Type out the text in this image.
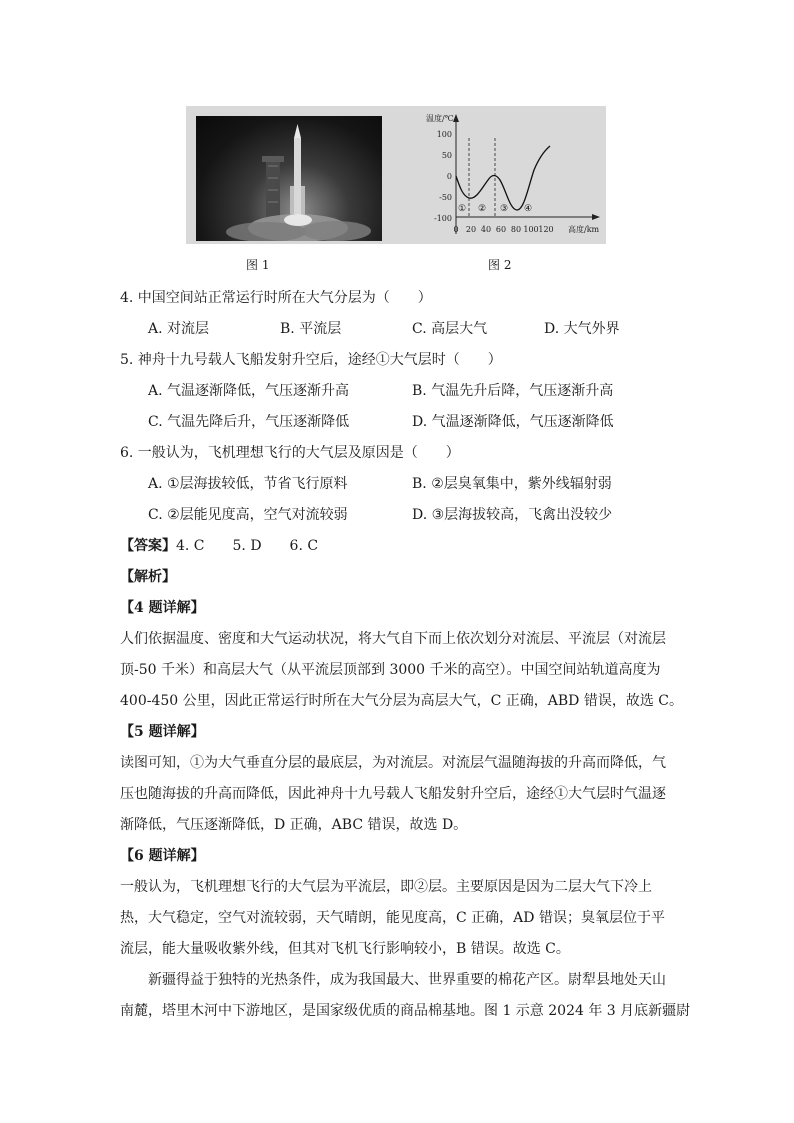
温度/℃
高度/km
100
50
0
-50
-100
0 20 40 60 80 100 120
① ② ③ ④
图 1	图 2
4. 中国空间站正常运行时所在大气分层为（　　）
A. 对流层	B. 平流层	C. 高层大气	D. 大气外界
5. 神舟十九号载人飞船发射升空后，途经①大气层时（　　）
A. 气温逐渐降低，气压逐渐升高	B. 气温先升后降，气压逐渐升高
C. 气温先降后升，气压逐渐降低	D. 气温逐渐降低，气压逐渐降低
6. 一般认为，飞机理想飞行的大气层及原因是（　　）
A. ①层海拔较低，节省飞行原料	B. ②层臭氧集中，紫外线辐射弱
C. ②层能见度高，空气对流较弱	D. ③层海拔较高，飞禽出没较少
【答案】4. C　　5. D　　6. C
【解析】
【4 题详解】
人们依据温度、密度和大气运动状况，将大气自下而上依次划分对流层、平流层（对流层
顶-50 千米）和高层大气（从平流层顶部到 3000 千米的高空）。中国空间站轨道高度为
400-450 公里，因此正常运行时所在大气分层为高层大气，C 正确，ABD 错误，故选 C。
【5 题详解】
读图可知，①为大气垂直分层的最底层，为对流层。对流层气温随海拔的升高而降低，气
压也随海拔的升高而降低，因此神舟十九号载人飞船发射升空后，途经①大气层时气温逐
渐降低，气压逐渐降低，D 正确，ABC 错误，故选 D。
【6 题详解】
一般认为，飞机理想飞行的大气层为平流层，即②层。主要原因是因为二层大气下冷上
热，大气稳定，空气对流较弱，天气晴朗，能见度高，C 正确，AD 错误；臭氧层位于平
流层，能大量吸收紫外线，但其对飞机飞行影响较小，B 错误。故选 C。
新疆得益于独特的光热条件，成为我国最大、世界重要的棉花产区。尉犁县地处天山
南麓，塔里木河中下游地区，是国家级优质的商品棉基地。图 1 示意 2024 年 3 月底新疆尉
